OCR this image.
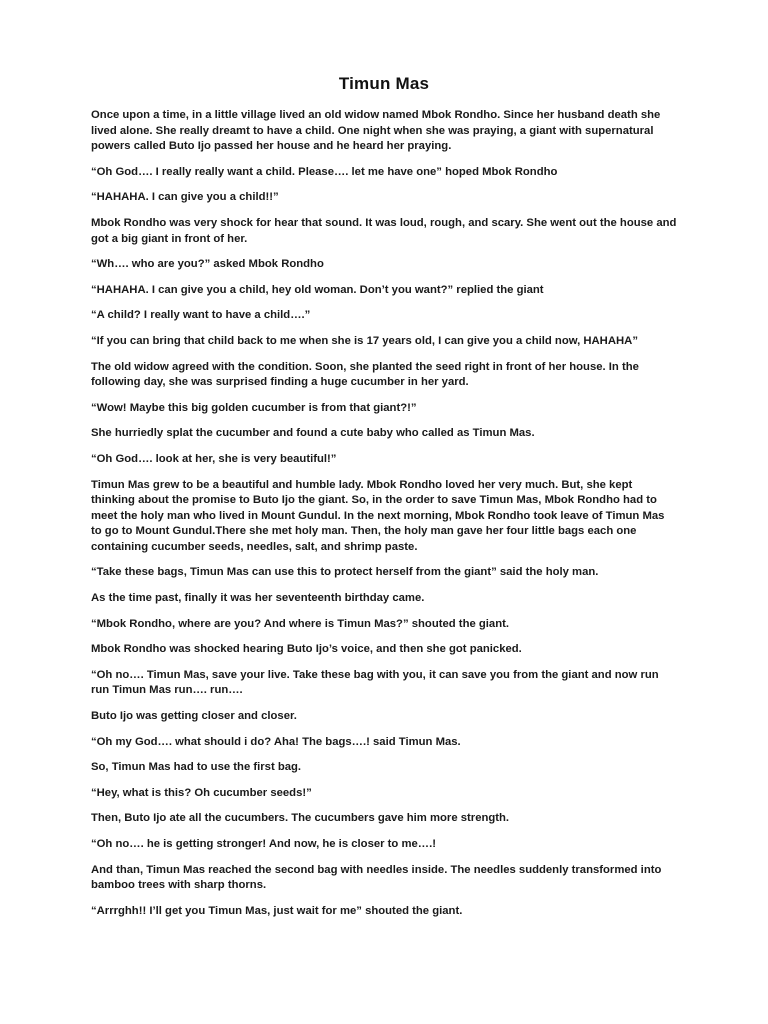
Timun Mas

Once upon a time, in a little village lived an old widow named Mbok Rondho. Since her husband death she lived alone. She really dreamt to have a child. One night when she was praying, a giant with supernatural powers called Buto Ijo passed her house and he heard her praying.

“Oh God…. I really really want a child. Please…. let me have one” hoped Mbok Rondho

“HAHAHA. I can give you a child!!”

Mbok Rondho was very shock for hear that sound. It was loud, rough, and scary. She went out the house and got a big giant in front of her.

“Wh…. who are you?” asked Mbok Rondho

“HAHAHA. I can give you a child, hey old woman. Don’t you want?” replied the giant

“A child? I really want to have a child….”

“If you can bring that child back to me when she is 17 years old, I can give you a child now, HAHAHA”

The old widow agreed with the condition. Soon, she planted the seed right in front of her house. In the following day, she was surprised finding a huge cucumber in her yard.

“Wow! Maybe this big golden cucumber is from that giant?!”

She hurriedly splat the cucumber and found a cute baby who called as Timun Mas.

“Oh God…. look at her, she is very beautiful!”

Timun Mas grew to be a beautiful and humble lady. Mbok Rondho loved her very much. But, she kept thinking about the promise to Buto Ijo the giant. So, in the order to save Timun Mas, Mbok Rondho had to meet the holy man who lived in Mount Gundul. In the next morning, Mbok Rondho took leave of Timun Mas to go to Mount Gundul.There she met holy man. Then, the holy man gave her four little bags each one containing cucumber seeds, needles, salt, and shrimp paste.

“Take these bags, Timun Mas can use this to protect herself from the giant” said the holy man.

As the time past, finally it was her seventeenth birthday came.

“Mbok Rondho, where are you? And where is Timun Mas?” shouted the giant.

Mbok Rondho was shocked hearing Buto Ijo’s voice, and then she got panicked.

“Oh no…. Timun Mas, save your live. Take these bag with you, it can save you from the giant and now run run Timun Mas run…. run….

Buto Ijo was getting closer and closer.

“Oh my God…. what should i do? Aha! The bags….! said Timun Mas.

So, Timun Mas had to use the first bag.

“Hey, what is this? Oh cucumber seeds!”

Then, Buto Ijo ate all the cucumbers. The cucumbers gave him more strength.

“Oh no…. he is getting stronger! And now, he is closer to me….!

And than, Timun Mas reached the second bag with needles inside. The needles suddenly transformed into bamboo trees with sharp thorns.

“Arrrghh!! I’ll get you Timun Mas, just wait for me” shouted the giant.
